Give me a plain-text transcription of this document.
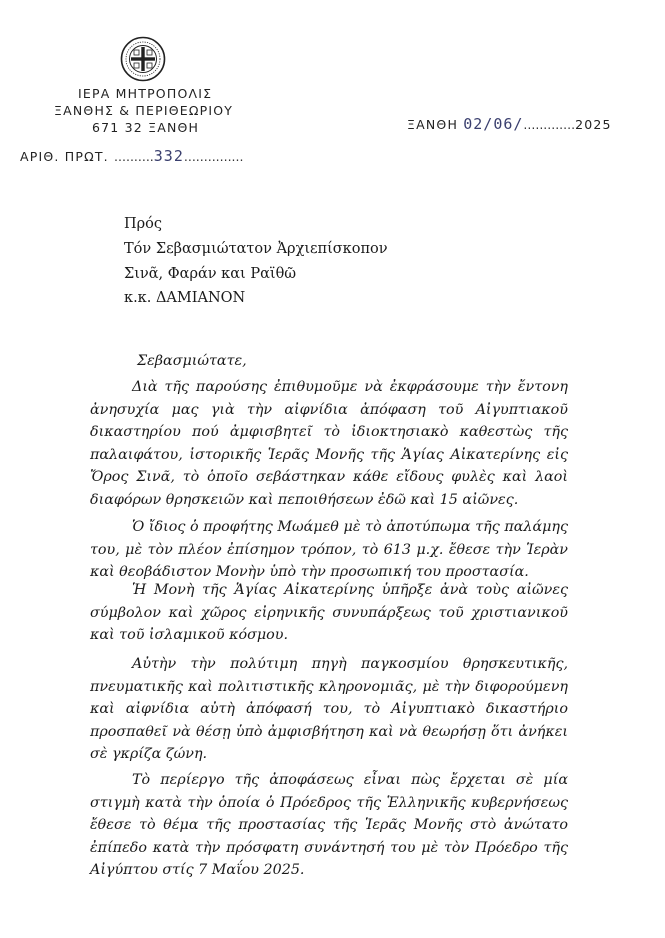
ΙΕΡΑ ΜΗΤΡΟΠΟΛΙΣ
ΞΑΝΘΗΣ & ΠΕΡΙΘΕΩΡΙΟΥ
671 32 ΞΑΝΘΗ
ΑΡΙΘ. ΠΡΩΤ. ..........332...............
ΞΑΝΘΗ 02/06/.............2025
Πρός
Τόν Σεβασμιώτατον Ἀρχιεπίσκοπον
Σινᾶ, Φαράν και Ραϊθῶ
κ.κ. ΔΑΜΙΑΝΟΝ
Σεβασμιώτατε,

Διὰ τῆς παρούσης ἐπιθυμοῦμε νὰ ἐκφράσουμε τὴν ἔντονη ἀνησυχία μας γιὰ τὴν αἰφνίδια ἀπόφαση τοῦ Αἰγυπτιακοῦ δικαστηρίου πού ἀμφισβητεῖ τὸ ἰδιοκτησιακὸ καθεστὼς τῆς παλαιφάτου, ἱστορικῆς Ἱερᾶς Μονῆς τῆς Ἁγίας Αἰκατερίνης εἰς Ὄρος Σινᾶ, τὸ ὁποῖο σεβάστηκαν κάθε εἴδους φυλὲς καὶ λαοὶ διαφόρων θρησκειῶν καὶ πεποιθήσεων ἐδῶ καὶ 15 αἰῶνες.

Ὁ ἴδιος ὁ προφήτης Μωάμεθ μὲ τὸ ἀποτύπωμα τῆς παλάμης του, μὲ τὸν πλέον ἐπίσημον τρόπον, τὸ 613 μ.χ. ἔθεσε τὴν Ἱερὰν καὶ θεοβάδιστον Μονὴν ὑπὸ τὴν προσωπική του προστασία.

Ἡ Μονὴ τῆς Ἁγίας Αἰκατερίνης ὑπῆρξε ἀνὰ τοὺς αἰῶνες σύμβολον καὶ χῶρος εἰρηνικῆς συνυπάρξεως τοῦ χριστιανικοῦ καὶ τοῦ ἰσλαμικοῦ κόσμου.

Αὐτὴν τὴν πολύτιμη πηγὴ παγκοσμίου θρησκευτικῆς, πνευματικῆς καὶ πολιτιστικῆς κληρονομιᾶς, μὲ τὴν διφορούμενη καὶ αἰφνίδια αὐτὴ ἀπόφασή του, τὸ Αἰγυπτιακὸ δικαστήριο προσπαθεῖ νὰ θέσῃ ὑπὸ ἀμφισβήτηση καὶ νὰ θεωρήσῃ ὅτι ἀνήκει σὲ γκρίζα ζώνη.

Τὸ περίεργο τῆς ἀποφάσεως εἶναι πὼς ἔρχεται σὲ μία στιγμὴ κατὰ τὴν ὁποία ὁ Πρόεδρος τῆς Ἑλληνικῆς κυβερνήσεως ἔθεσε τὸ θέμα τῆς προστασίας τῆς Ἱερᾶς Μονῆς στὸ ἀνώτατο ἐπίπεδο κατὰ τὴν πρόσφατη συνάντησή του μὲ τὸν Πρόεδρο τῆς Αἰγύπτου στίς 7 Μαΐου 2025.
